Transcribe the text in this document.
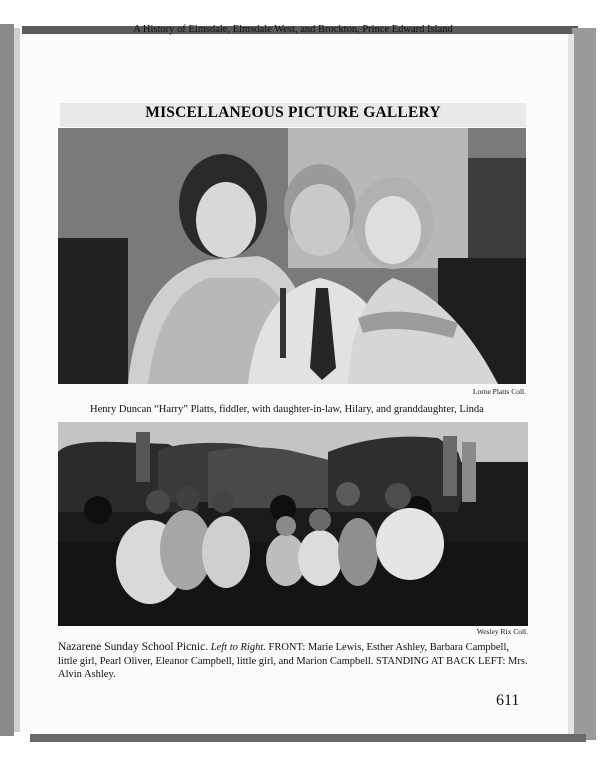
A History of Elmsdale, Elmsdale West, and Brockton, Prince Edward Island
MISCELLANEOUS PICTURE GALLERY
Lorne Platts Coll.
Henry Duncan “Harry” Platts, fiddler, with daughter-in-law, Hilary, and granddaughter, Linda
Wesley Rix Coll.
Nazarene Sunday School Picnic. Left to Right. FRONT: Marie Lewis, Esther Ashley, Barbara Campbell, little girl, Pearl Oliver, Eleanor Campbell, little girl, and Marion Campbell. STANDING AT BACK LEFT: Mrs. Alvin Ashley.
611
